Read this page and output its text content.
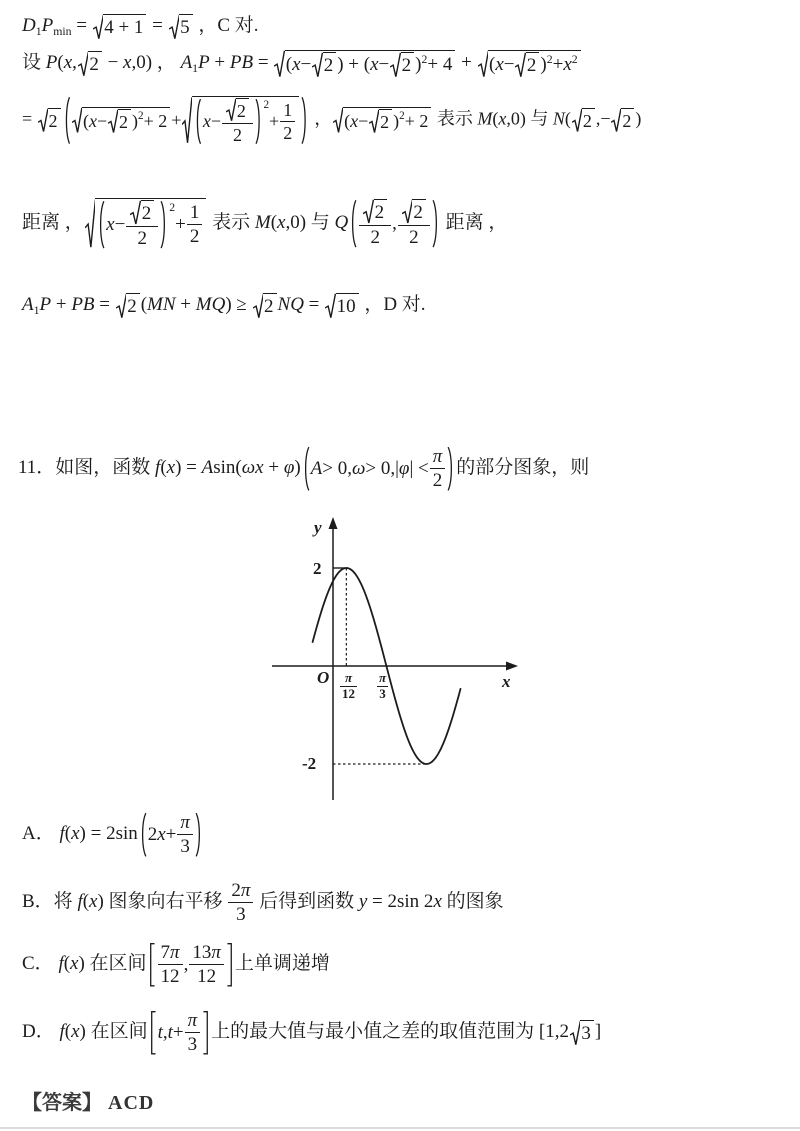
D1Pmin = 4 + 1 = 5 ，C 对.
设 P(x, 2 − x,0) ， A1P + PB = ( x − 2 ) + ( x − 2 ) 2 + 4 + ( x − 2 ) 2 + x 2
= 2 ( x − 2 ) $2 + 2 + x - \frac{2}{2} 2$
+ $\frac{1}{2}$ ， ( x − 2 ) 2 + 2 表示 M(x,0) 与 N( 2 ,− 2 )
距离 ， $x - \frac{2}{2} 2$
+ $\frac{1}{2}$ 表示 M(x,0) 与 Q $\frac{2}{2}$ , $\frac{2}{2}$ 距离 ，
A1P + PB = 2 (MN + MQ) ≥ 2 NQ = 10 ，D 对.
11．如图，函数 f(x) = Asin(ωx + φ) A > 0, ω > 0,| φ | < $\frac{\pi}{2}$ 的部分图象，则
y
x
O
2
-2
$\frac{\pi}{12} \frac{\pi}{3}$
A． f(x) = 2sin 2 $x + \frac{\pi}{3}$
B．将 f(x) 图象向右平移 $\frac{2\pi}{3}$ 后得到函数 y = 2sin 2x 的图象
C． f(x) 在区间 $\frac{7\pi}{12}$ , $\frac{13\pi}{12}$ 上单调递增
D． f(x) 在区间 t , $t + \frac{\pi}{3}$ 上的最大值与最小值之差的取值范围为 [1,2 3 ]
【答案】 ACD
